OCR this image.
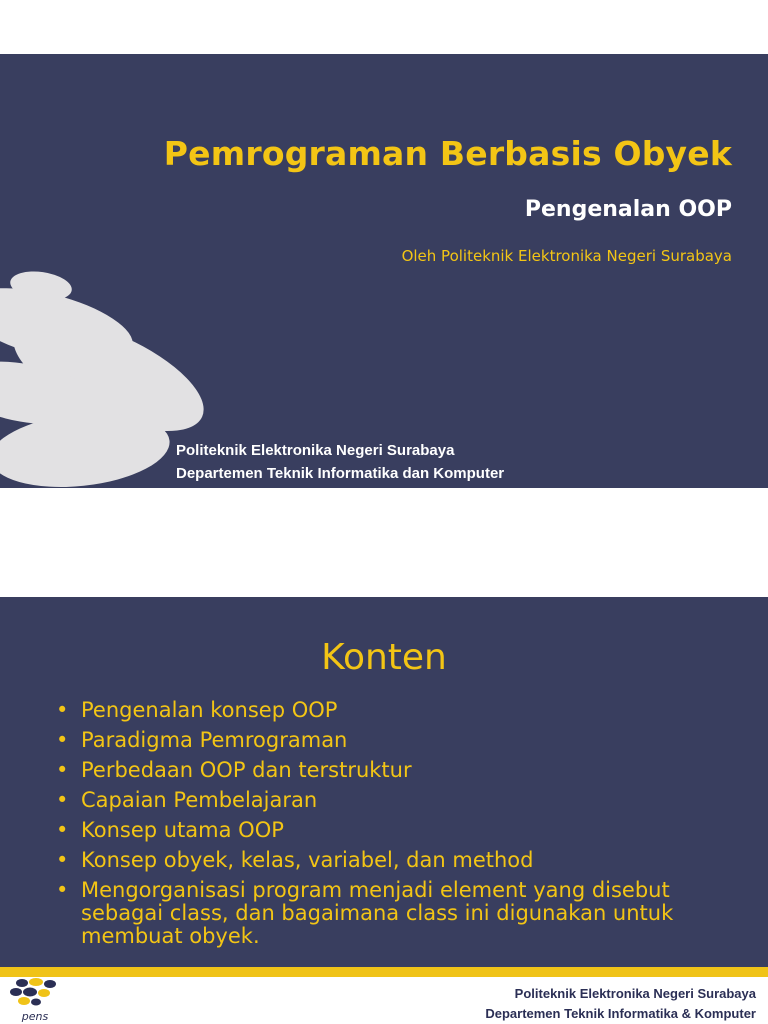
Pemrograman Berbasis Obyek
Pengenalan OOP

Oleh Politeknik Elektronika Negeri Surabaya

Politeknik Elektronika Negeri Surabaya

Departemen Teknik Informatika dan Komputer

Konten
• Pengenalan konsep OOP
• Paradigma Pemrograman
• Perbedaan OOP dan terstruktur
• Capaian Pembelajaran
• Konsep utama OOP
• Konsep obyek, kelas, variabel, dan method
• Mengorganisasi program menjadi element yang disebut sebagai class, dan bagaimana class ini digunakan untuk membuat obyek.
pens

Politeknik Elektronika Negeri Surabaya

Departemen Teknik Informatika & Komputer
